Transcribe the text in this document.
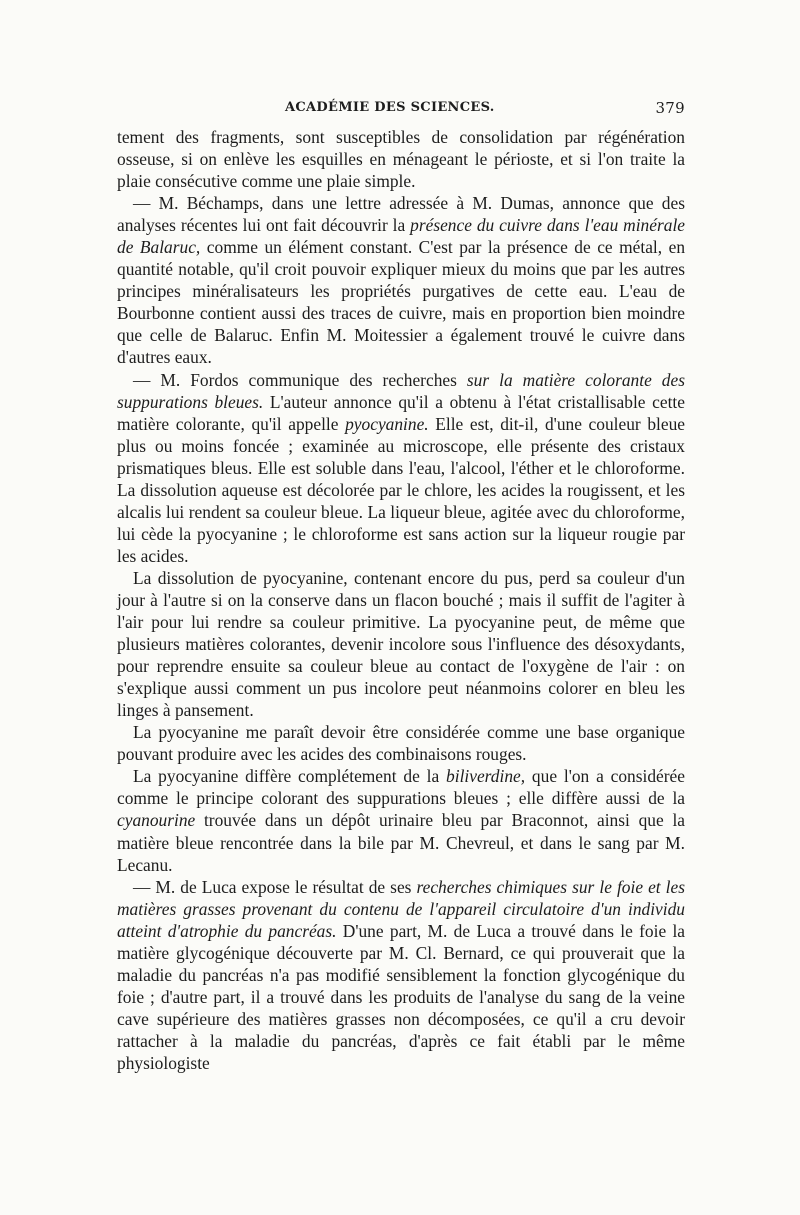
ACADÉMIE DES SCIENCES.	379

tement des fragments, sont susceptibles de consolidation par régénération osseuse, si on enlève les esquilles en ménageant le périoste, et si l'on traite la plaie consécutive comme une plaie simple.

— M. Béchamps, dans une lettre adressée à M. Dumas, annonce que des analyses récentes lui ont fait découvrir la présence du cuivre dans l'eau minérale de Balaruc, comme un élément constant. C'est par la présence de ce métal, en quantité notable, qu'il croit pouvoir expliquer mieux du moins que par les autres principes minéralisateurs les propriétés purgatives de cette eau. L'eau de Bourbonne contient aussi des traces de cuivre, mais en proportion bien moindre que celle de Balaruc. Enfin M. Moitessier a également trouvé le cuivre dans d'autres eaux.

— M. Fordos communique des recherches sur la matière colorante des suppurations bleues. L'auteur annonce qu'il a obtenu à l'état cristallisable cette matière colorante, qu'il appelle pyocyanine. Elle est, dit-il, d'une couleur bleue plus ou moins foncée ; examinée au microscope, elle présente des cristaux prismatiques bleus. Elle est soluble dans l'eau, l'alcool, l'éther et le chloroforme. La dissolution aqueuse est décolorée par le chlore, les acides la rougissent, et les alcalis lui rendent sa couleur bleue. La liqueur bleue, agitée avec du chloroforme, lui cède la pyocyanine ; le chloroforme est sans action sur la liqueur rougie par les acides.

La dissolution de pyocyanine, contenant encore du pus, perd sa couleur d'un jour à l'autre si on la conserve dans un flacon bouché ; mais il suffit de l'agiter à l'air pour lui rendre sa couleur primitive. La pyocyanine peut, de même que plusieurs matières colorantes, devenir incolore sous l'influence des désoxydants, pour reprendre ensuite sa couleur bleue au contact de l'oxygène de l'air : on s'explique aussi comment un pus incolore peut néanmoins colorer en bleu les linges à pansement.

La pyocyanine me paraît devoir être considérée comme une base organique pouvant produire avec les acides des combinaisons rouges.

La pyocyanine diffère complétement de la biliverdine, que l'on a considérée comme le principe colorant des suppurations bleues ; elle diffère aussi de la cyanourine trouvée dans un dépôt urinaire bleu par Braconnot, ainsi que la matière bleue rencontrée dans la bile par M. Chevreul, et dans le sang par M. Lecanu.

— M. de Luca expose le résultat de ses recherches chimiques sur le foie et les matières grasses provenant du contenu de l'appareil circulatoire d'un individu atteint d'atrophie du pancréas. D'une part, M. de Luca a trouvé dans le foie la matière glycogénique découverte par M. Cl. Bernard, ce qui prouverait que la maladie du pancréas n'a pas modifié sensiblement la fonction glycogénique du foie ; d'autre part, il a trouvé dans les produits de l'analyse du sang de la veine cave supérieure des matières grasses non décomposées, ce qu'il a cru devoir rattacher à la maladie du pancréas, d'après ce fait établi par le même physiologiste
